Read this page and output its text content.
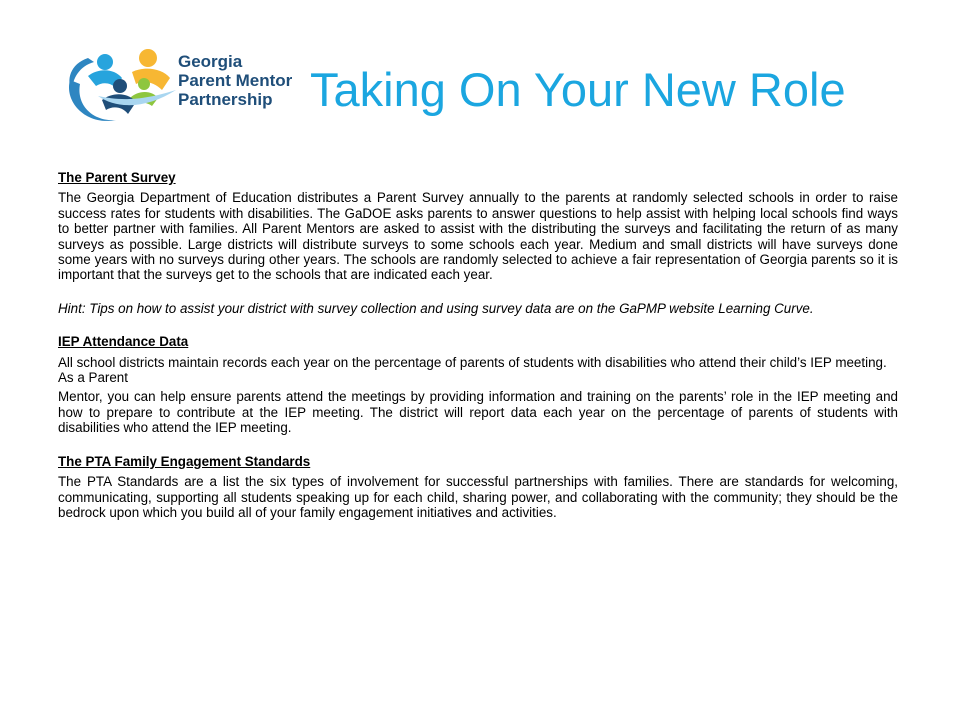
Georgia
Parent Mentor
Partnership Taking On Your New Role

The Parent Survey

The Georgia Department of Education distributes a Parent Survey annually to the parents at randomly selected schools in order to raise success rates for students with disabilities. The GaDOE asks parents to answer questions to help assist with helping local schools find ways to better partner with families. All Parent Mentors are asked to assist with the distributing the surveys and facilitating the return of as many surveys as possible. Large districts will distribute surveys to some schools each year. Medium and small districts will have surveys done some years with no surveys during other years. The schools are randomly selected to achieve a fair representation of Georgia parents so it is important that the surveys get to the schools that are indicated each year.

Hint: Tips on how to assist your district with survey collection and using survey data are on the GaPMP website Learning Curve.

IEP Attendance Data

All school districts maintain records each year on the percentage of parents of students with disabilities who attend their child’s IEP meeting. As a Parent

Mentor, you can help ensure parents attend the meetings by providing information and training on the parents’ role in the IEP meeting and how to prepare to contribute at the IEP meeting. The district will report data each year on the percentage of parents of students with disabilities who attend the IEP meeting.

The PTA Family Engagement Standards

The PTA Standards are a list the six types of involvement for successful partnerships with families. There are standards for welcoming, communicating, supporting all students speaking up for each child, sharing power, and collaborating with the community; they should be the bedrock upon which you build all of your family engagement initiatives and activities.
